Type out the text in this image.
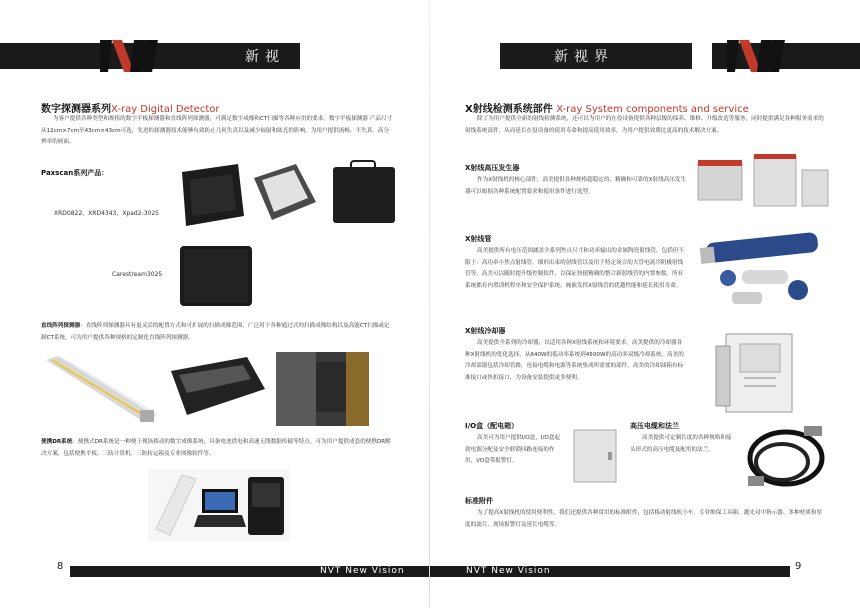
新视界
数字探测器系列X-ray Digital Detector
为客户提供各种类型和规格的数字平板探测器和直线阵列探测器，可满足数字成像和CT扫描等各种应用的要求。数字平板探测器 产品尺寸从12cm×7cm至43cm×43cm可选，先进的探测器技术能够有效防止几何失真以及减少辐射和眩光的影响。为用户提供流畅、不失真、高分辨率的画面。
Paxscan系列产品：
XRD0822，XRD4343，Xpad2-3025
Carestream3025
直线阵列探测器：直线阵列探测器具有更灵活的配置方式和可扩展的扫描成像范围，广泛用于各种通过式的扫描成像结构以及高能CT扫描或定制CT系统。可为用户提供各种规格的定制化直线阵列探测器。
便携DR系统：便携式DR系统是一种便于现场移动的数字成像系统，具备电池供电和高速无线数据传输等特点。可为用户提供成套的便携DR解决方案，包括便携平板、三防计算机、三防转运箱及专业图像软件等。
NVT New Vision
8
新视界
X射线检测系统部件 X-ray System components and service
除了为用户提供全新的射线检测系统，还可以为用户的在役设备提供各种层级的保养、维修、升级改造等服务，同时提供满足各种服务需求的射线系统部件，从而延长在役设备的使用寿命和提高使用效率，为用户提供效费比更高的技术解决方案。
X射线高压发生器
作为X射线机的核心部件，高美提供各种规格超稳定的、精确和可靠的X射线高压发生器可以根据各种系统配置要求和使用条件进行选型。
X射线管
高美提供所有电压范围涵盖全系列焦点尺寸和功率输出的金属陶瓷射线管，包括但不限于：高功率小焦点射线管，细形出束的射线管以及用于特定场合的大管电流冷阴极射线管等。高美可以随时提升级控制软件，以保证快捷精确的整合新射线管的内置参数。所有系统都有内置训机程序和安全保护系统，阀嵌发挥X射线管的优越性能和延长使用寿命。
X射线冷却器
高美提供全系列的冷却器，以适用各种X射线系统和环境要求。高美提供的冷却器各种X射线机的优化选择，从640W的低功率系统到4500W的高功率双级冷却系统。高美的冷却部器包括冷却管路，连接电缆和电源等系统集成所需要的部件。高美的冷却油箱有标准接口或快扣接口，为设备安装提供更多便利。
I/O盒（配电箱）
高美可为用户提供I/O盒，I/O盒起到电源分配及安全联锁回路连接的作用，I/O盒带报警灯。
高压电缆和法兰
高美提供可定制长度的各种规格和接头形式的高压电缆及配用的法兰。
标准附件
为了提高X射线机的使用便利性，我们还提供各种常用的标准附件，包括移动射线机小车，专业维保工具箱、激光对中指示器、多种材质和厚度的滤片、现场报警灯及延长电缆等。
NVT New Vision	9
